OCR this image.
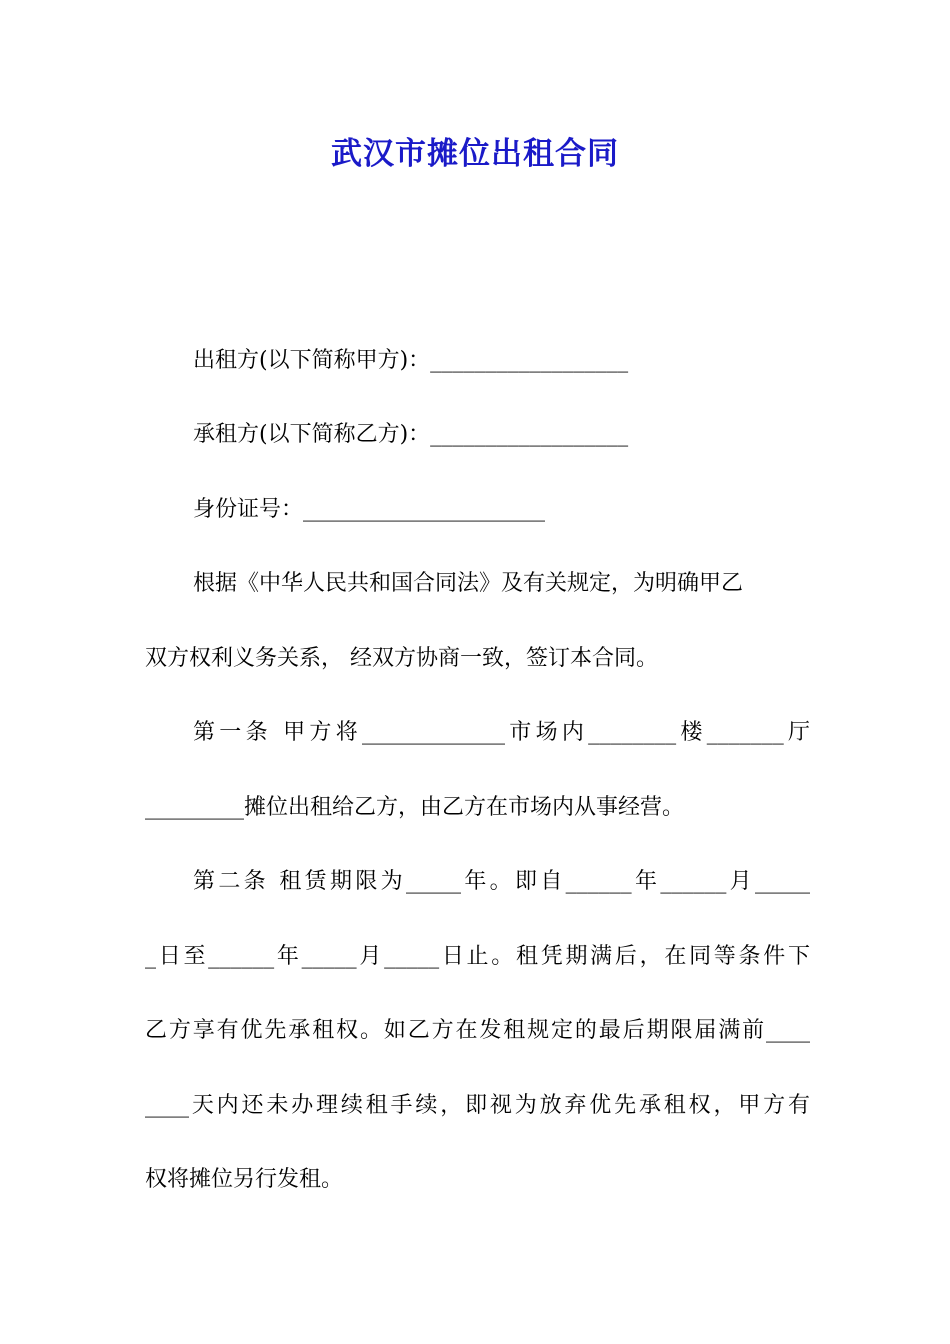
武汉市摊位出租合同
出租方(以下简称甲方)：__________________
承租方(以下简称乙方)：__________________
身份证号：______________________
根据《中华人民共和国合同法》及有关规定，为明确甲乙
双方权利义务关系， 经双方协商一致，签订本合同。
第一条 甲方将_____________市场内________楼_______厅
_________摊位出租给乙方，由乙方在市场内从事经营。
第二条 租赁期限为_____年。即自______年______月_____
_日至______年_____月_____日止。租凭期满后，在同等条件下
乙方享有优先承租权。如乙方在发租规定的最后期限届满前____
____天内还未办理续租手续，即视为放弃优先承租权，甲方有
权将摊位另行发租。
